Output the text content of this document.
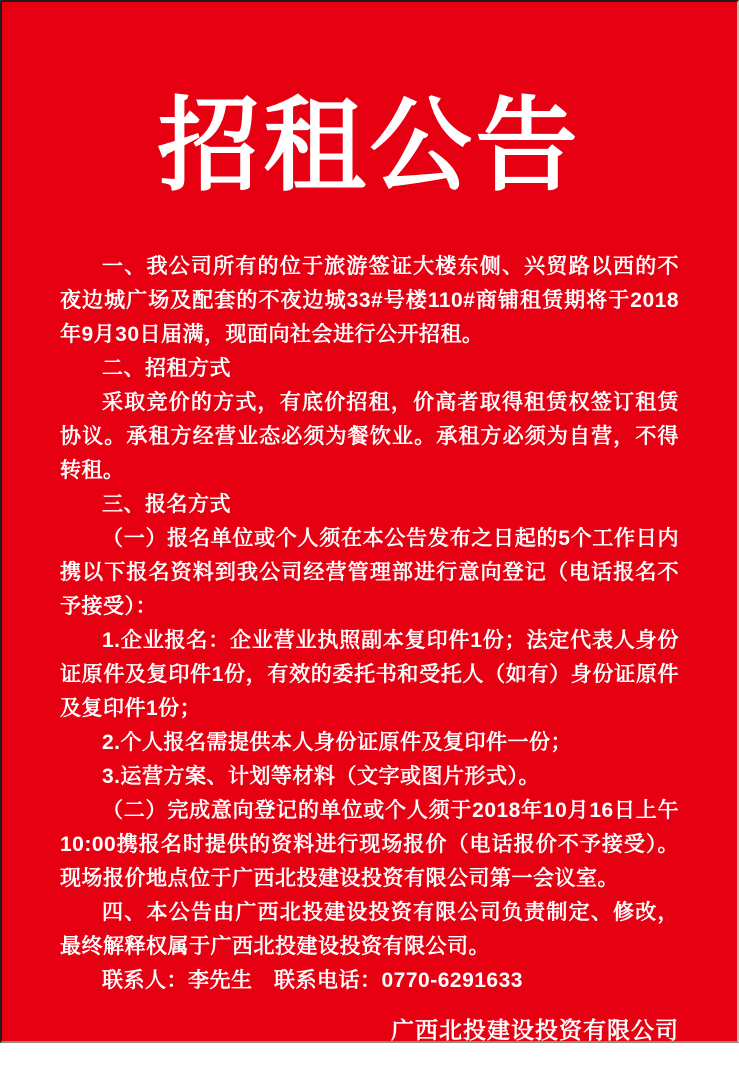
招租公告

一、我公司所有的位于旅游签证大楼东侧、兴贸路以西的不夜边城广场及配套的不夜边城33#号楼110#商铺租赁期将于2018年9月30日届满，现面向社会进行公开招租。

二、招租方式

采取竞价的方式，有底价招租，价高者取得租赁权签订租赁协议。承租方经营业态必须为餐饮业。承租方必须为自营，不得转租。

三、报名方式

（一）报名单位或个人须在本公告发布之日起的5个工作日内携以下报名资料到我公司经营管理部进行意向登记（电话报名不予接受）：

1.企业报名：企业营业执照副本复印件1份；法定代表人身份证原件及复印件1份，有效的委托书和受托人（如有）身份证原件及复印件1份；

2.个人报名需提供本人身份证原件及复印件一份；

3.运营方案、计划等材料（文字或图片形式）。

（二）完成意向登记的单位或个人须于2018年10月16日上午10:00携报名时提供的资料进行现场报价（电话报价不予接受）。现场报价地点位于广西北投建设投资有限公司第一会议室。

四、本公告由广西北投建设投资有限公司负责制定、修改，最终解释权属于广西北投建设投资有限公司。

联系人：李先生　联系电话：0770-6291633

广西北投建设投资有限公司
2018年9月30日
